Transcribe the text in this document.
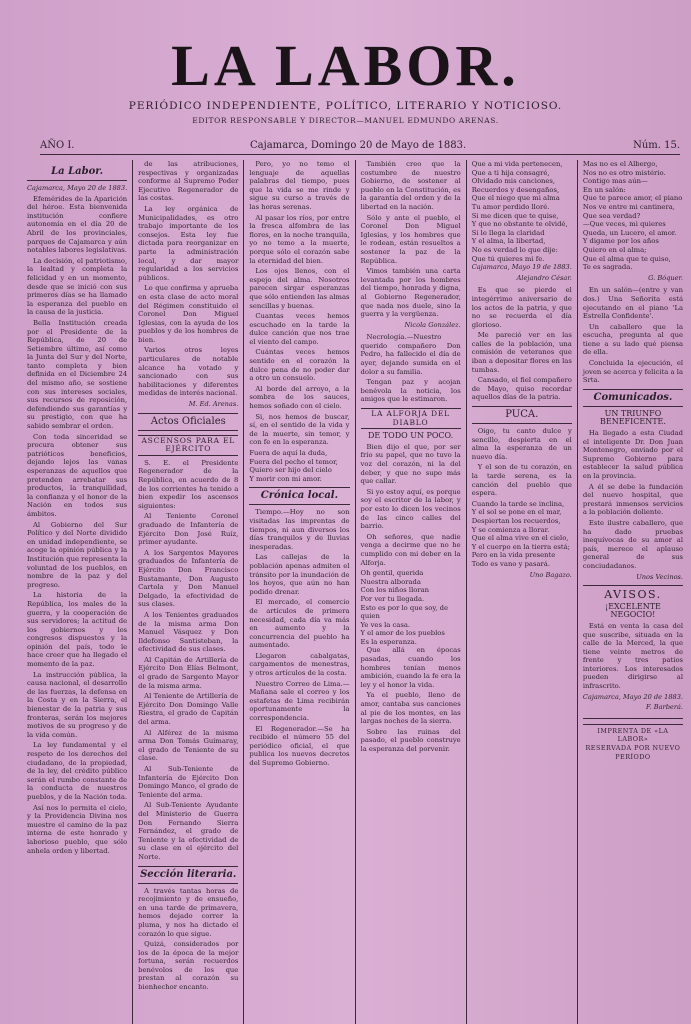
LA LABOR.
PERIÓDICO INDEPENDIENTE, POLÍTICO, LITERARIO Y NOTICIOSO.
EDITOR RESPONSABLE Y DIRECTOR—MANUEL EDMUNDO ARENAS.
AÑO I.	Cajamarca, Domingo 20 de Mayo de 1883.	Núm. 15.
La Labor.
Cajamarca, Mayo 20 de 1883.

Efemérides de la Aparición del héroe. Esta bienvenida institución confiere autonomía en el día 20 de Abril de los provinciales, parques de Cajamarca y aún notables labores legislativas.

La decisión, el patriotismo, la lealtad y completa la felicidad y en un momento, desde que se inició con sus primeros días se ha llamado la esperanza del pueblo en la causa de la justicia.

Bella Institución creada por el Presidente de la República, de 20 de Setiembre último, así como la Junta del Sur y del Norte, tanto completa y bien definida en el Diciembre 24 del mismo año, se sostiene con sus intereses sociales, sus recursos de reposición, defendiendo sus garantías y su prestigio, con que ha sabido sembrar el orden.

Con toda sinceridad se procura obtener sus patrióticos beneficios, dejando lejos las vanas esperanzas de aquellos que pretenden arrebatar sus productos, la tranquilidad, la confianza y el honor de la Nación en todos sus ámbitos.

Al Gobierno del Sur Político y del Norte dividido en unidad independiente, se acoge la opinión pública y la Institución que representa la voluntad de los pueblos, en nombre de la paz y del progreso.

La historia de la República, los males de la guerra, y la cooperación de sus servidores; la actitud de los gobiernos y los congresos dispuestos y la opinión del país, todo le hace creer que ha llegado el momento de la paz.

La instrucción pública, la causa nacional, el desarrollo de las fuerzas, la defensa en la Costa y en la Sierra, el bienestar de la patria y sus fronteras, serán los mejores motivos de su progreso y de la vida común.

La ley fundamental y el respeto de los derechos del ciudadano, de la propiedad, de la ley, del crédito público serán el rumbo constante de la conducta de nuestros pueblos, y de la Nación toda.

Así nos lo permita el cielo, y la Providencia Divina nos muestre el camino de la paz interna de este honrado y laborioso pueblo, que sólo anhela orden y libertad.

de las atribuciones, respectivas y organizadas conforme al Supremo Poder Ejecutivo Regenerador de las costas.

La ley orgánica de Municipalidades, es otro trabajo importante de los consejos. Esta ley fue dictada para reorganizar en parte la administración local, y dar mayor regularidad a los servicios públicos.

Lo que confirma y aprueba en esta clase de acto moral del Régimen constituido el Coronel Don Miguel Iglesias, con la ayuda de los pueblos y de los hombres de bien.

Varios otros leyes particulares de notable alcance ha votado y sancionado con sus habilitaciones y diferentes medidas de interés nacional.

M. Ed. Arenas.
Actos Oficiales
ASCENSOS PARA EL EJÉRCITO

S. E. el Presidente Regenerador de la República, en acuerdo de 8 de los corrientes ha tenido a bien expedir los ascensos siguientes:

Al Teniente Coronel graduado de Infantería de Ejército Don José Ruíz, primer ayudante.

A los Sargentos Mayores graduados de Infantería de Ejército Don Francisco Bustamante, Don Augusto Cartola y Don Manuel Delgado, la efectividad de sus clases.

A los Tenientes graduados de la misma arma Don Manuel Vásquez y Don Ildefonso Santisteban, la efectividad de sus clases.

Al Capitán de Artillería de Ejército Don Elías Belmont, el grado de Sargento Mayor de la misma arma.

Al Teniente de Artillería de Ejército Don Domingo Valle Riestra, el grado de Capitán del arma.

Al Alférez de la misma arma Don Tomás Guimaray, el grado de Teniente de su clase.

Al Sub-Teniente de Infantería de Ejército Don Domingo Manco, el grado de Teniente del arma.

Al Sub-Teniente Ayudante del Ministerio de Guerra Don Fernando Sierra Fernández, el grado de Teniente y la efectividad de su clase en el ejército del Norte.

Sección literaria.

A través tantas horas de recojimiento y de ensueño, en una tarde de primavera, hemos dejado correr la pluma, y nos ha dictado el corazón lo que sigue.

Quizá, considerados por los de la época de la mejor fortuna, serán recuerdos benévolos de los que prestan al corazón su bienhechor encanto.

Pero, yo no temo el lenguaje de aquellas palabras del tiempo, pues que la vida se me rinde y sigue su curso a través de las horas serenas.

Al pasar los ríos, por entre la fresca alfombra de las flores, en la noche tranquila, yo no temo a la muerte, porque sólo el corazón sabe la eternidad del bien.

Los ojos llenos, con el espejo del alma. Nosotros parecen sirgar esperanzas que sólo entienden las almas sencillas y buenas.

Cuantas veces hemos escuchado en la tarde la dulce canción que nos trae el viento del campo.

Cuántas veces hemos sentido en el corazón la dulce pena de no poder dar a otro un consuelo.

Al borde del arroyo, a la sombra de los sauces, hemos soñado con el cielo.

Si, nos hemos de buscar, sí, en el sentido de la vida y de la muerte, sin temor, y con fe en la esperanza.

Fuera de aquí la duda,

Fuera del pecho el temor,

Quiero ser hijo del cielo

Y morir con mi amor.

Crónica local.

Tiempo.—Hoy no son visitadas las imprentas de tiempos, ni aun diversos los días tranquilos y de lluvias inesperadas.

Las callejas de la población apenas admiten el tránsito por la inundación de los hoyos, que aún no han podido drenar.

El mercado, el comercio de artículos de primera necesidad, cada día va más en aumento y la concurrencia del pueblo ha aumentado.

Llegaron cabalgatas, cargamentos de menestras, y otros artículos de la costa.

Nuestro Correo de Lima.—Mañana sale el correo y los estafetas de Lima recibirán oportunamente la correspondencia.

El Regenerador.—Se ha recibido el número 55 del periódico oficial, el que publica los nuevos decretos del Supremo Gobierno.

También creo que la costumbre de nuestro Gobierno, de sostener al pueblo en la Constitución, es la garantía del orden y de la libertad en la nación.

Sólo y ante el pueblo, el Coronel Don Miguel Iglesias, y los hombres que le rodean, están resueltos a sostener la paz de la República.

Vimos también una carta levantada por los hombres del tiempo, honrada y digna, al Gobierno Regenerador, que nada nos duele, sino la guerra y la vergüenza.

Nicola González.

Necrología.—Nuestro querido compañero Don Pedro, ha fallecido el día de ayer, dejando sumida en el dolor a su familia.

Tengan paz y acojan benévola la noticia, los amigos que le estimaron.

LA ALFORJA DEL DIABLO
DE TODO UN POCO.

Bien dijo el que, por ser frío su papel, que no tuvo la voz del corazón, ni la del deber, y que no supo más que callar.

Si yo estoy aquí, es porque soy el escritor de la labor, y por esto lo dicen los vecinos de las cinco calles del barrio.

Oh señores, que nadie venga a decirme que no he cumplido con mi deber en la Alforja.

Oh gentil, querida

Nuestra alborada

Con los niños lloran

Por ver tu llegada.

Esto es por lo que soy, de quien

Ye ves la casa.

Y el amor de los pueblos

Es la esperanza.

Que allá en épocas pasadas, cuando los hombres tenían menos ambición, cuando la fe era la ley y el honor la vida.

Ya el pueblo, lleno de amor, cantaba sus canciones al pie de los montes, en las largas noches de la sierra.

Sobre las ruinas del pasado, el pueblo construye la esperanza del porvenir.

Que a mi vida pertenecen,

Que a ti hija consagré,

Olvidado mis canciones,

Recuerdos y desengaños,

Que el niego que mi alma

Tu amor perdido lloré.

Si me dicen que te quise,

Y que no obstante te olvidé,

Si le llega la claridad

Y el alma, la libertad,

No es verdad lo que dije:

Que tú quieres mi fe.

Cajamarca, Mayo 19 de 1883.
Alejandro César.

Es que se pierde el integérrimo aniversario de los actos de la patria, y que no se recuerda el día glorioso.

Me pareció ver en las calles de la población, una comisión de veteranos que iban a depositar flores en las tumbas.

Cansado, el fiel compañero de Mayo, quiso recordar aquellos días de la patria.

PUCA.

Oigo, tu canto dulce y sencillo, despierta en el alma la esperanza de un nuevo día.

Y el son de tu corazón, en la tarde serena, es la canción del pueblo que espera.

Cuando la tarde se inclina,

Y el sol se pone en el mar,

Despiertan los recuerdos,

Y se comienza a llorar.

Que el alma vive en el cielo,

Y el cuerpo en la tierra está;

Pero en la vida presente

Todo es vano y pasará.

Uno Bagazo.

Mas no es el Albergo,

Nos no es otro mistério.

Contigo mas aún—

En un salón:

Que te parece amor, el piano

Nos ve entre mi cantinera,

Que sea verdad?

—Que veces, mi quieres

Queda, un Lucero, el amor.

Y digame por los años

Quiero en el alma;

Que el alma que te quiso,

Te es sagrada.

G. Bóquer.

En un salón—(entre y van dos.) Una Señorita está ejecutando en el piano 'La Estrella Confidente'.

Un caballero que la escucha, pregunta al que tiene a su lado qué piensa de ella.

Concluida la ejecución, el joven se acerca y felicita a la Srta.

Comunicados.
UN TRIUNFO BENEFICENTE.

Ha llegado a esta Ciudad el inteligente Dr. Don Juan Montenegro, enviado por el Supremo Gobierno para establecer la salud pública en la provincia.

A él se debe la fundación del nuevo hospital, que prestará inmensos servicios a la población doliente.

Este ilustre caballero, que ha dado pruebas inequívocas de su amor al país, merece el aplauso general de sus conciudadanos.

Unos Vecinos.
AVISOS.
¡EXCELENTE NEGOCIO!

Está en venta la casa del que suscribe, situada en la calle de la Merced, la que tiene veinte metros de frente y tres patios interiores. Los interesados pueden dirigirse al infrascrito.

Cajamarca, Mayo 20 de 1883.
F. Barberá.
IMPRENTA DE «LA LABOR»
RESERVADA POR NUEVO PERÍODO
